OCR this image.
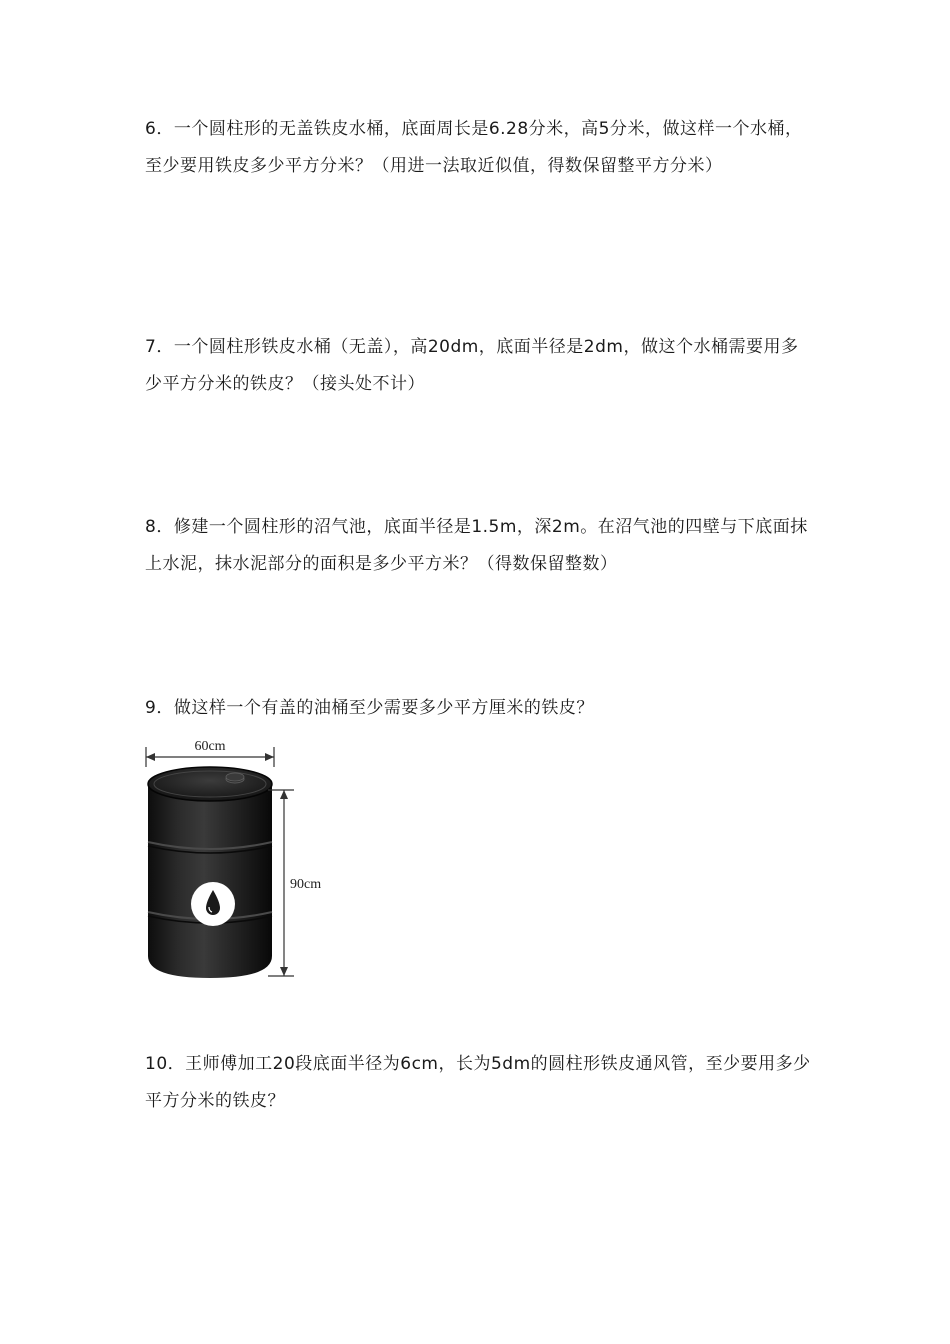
6．一个圆柱形的无盖铁皮水桶，底面周长是6.28分米，高5分米，做这样一个水桶，至少要用铁皮多少平方分米？（用进一法取近似值，得数保留整平方分米）
7．一个圆柱形铁皮水桶（无盖），高20dm，底面半径是2dm，做这个水桶需要用多少平方分米的铁皮？（接头处不计）
8．修建一个圆柱形的沼气池，底面半径是1.5m，深2m。在沼气池的四壁与下底面抹上水泥，抹水泥部分的面积是多少平方米？（得数保留整数）
9．做这样一个有盖的油桶至少需要多少平方厘米的铁皮？
60cm
90cm
10．王师傅加工20段底面半径为6cm，长为5dm的圆柱形铁皮通风管，至少要用多少平方分米的铁皮？
